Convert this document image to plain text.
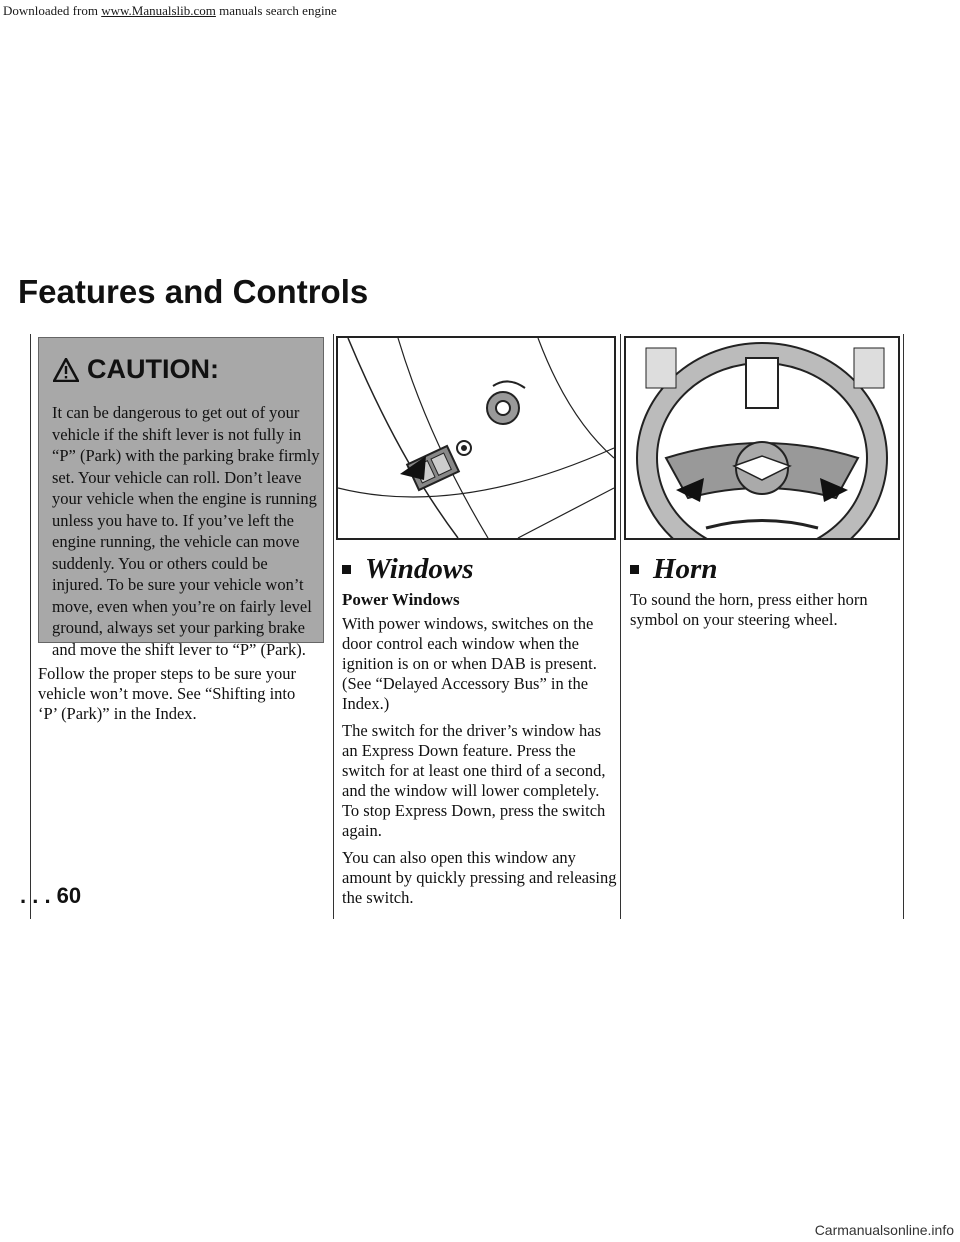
Downloaded from www.Manualslib.com manuals search engine
Features and Controls
CAUTION:
It can be dangerous to get out of your vehicle if the shift lever is not fully in “P” (Park) with the parking brake firmly set. Your vehicle can roll. Don’t leave your vehicle when the engine is running unless you have to. If you’ve left the engine running, the vehicle can move suddenly. You or others could be injured. To be sure your vehicle won’t move, even when you’re on fairly level ground, always set your parking brake and move the shift lever to “P” (Park).
Follow the proper steps to be sure your vehicle won’t move. See “Shifting into ‘P’ (Park)” in the Index.
Windows
Power Windows

With power windows, switches on the door control each window when the ignition is on or when DAB is present. (See “Delayed Accessory Bus” in the Index.)

The switch for the driver’s window has an Express Down feature. Press the switch for at least one third of a second, and the window will lower completely. To stop Express Down, press the switch again.

You can also open this window any amount by quickly pressing and releasing the switch.

Horn
To sound the horn, press either horn symbol on your steering wheel.
. . . 60
Carmanualsonline.info
